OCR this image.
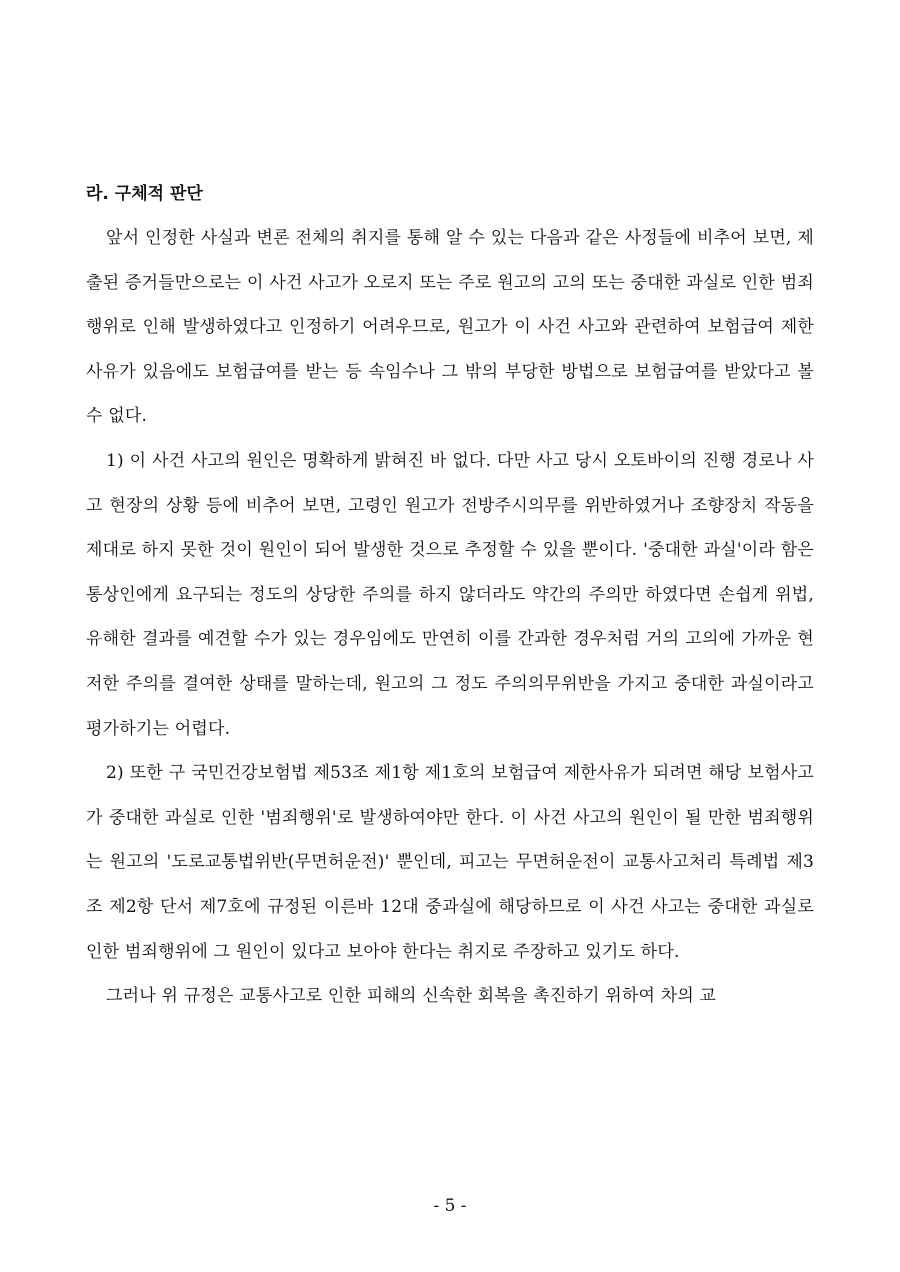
라. 구체적 판단

앞서 인정한 사실과 변론 전체의 취지를 통해 알 수 있는 다음과 같은 사정들에 비추어 보면, 제출된 증거들만으로는 이 사건 사고가 오로지 또는 주로 원고의 고의 또는 중대한 과실로 인한 범죄행위로 인해 발생하였다고 인정하기 어려우므로, 원고가 이 사건 사고와 관련하여 보험급여 제한사유가 있음에도 보험급여를 받는 등 속임수나 그 밖의 부당한 방법으로 보험급여를 받았다고 볼 수 없다.

1) 이 사건 사고의 원인은 명확하게 밝혀진 바 없다. 다만 사고 당시 오토바이의 진행 경로나 사고 현장의 상황 등에 비추어 보면, 고령인 원고가 전방주시의무를 위반하였거나 조향장치 작동을 제대로 하지 못한 것이 원인이 되어 발생한 것으로 추정할 수 있을 뿐이다. '중대한 과실'이라 함은 통상인에게 요구되는 정도의 상당한 주의를 하지 않더라도 약간의 주의만 하였다면 손쉽게 위법, 유해한 결과를 예견할 수가 있는 경우임에도 만연히 이를 간과한 경우처럼 거의 고의에 가까운 현저한 주의를 결여한 상태를 말하는데, 원고의 그 정도 주의의무위반을 가지고 중대한 과실이라고 평가하기는 어렵다.

2) 또한 구 국민건강보험법 제53조 제1항 제1호의 보험급여 제한사유가 되려면 해당 보험사고가 중대한 과실로 인한 '범죄행위'로 발생하여야만 한다. 이 사건 사고의 원인이 될 만한 범죄행위는 원고의 '도로교통법위반(무면허운전)' 뿐인데, 피고는 무면허운전이 교통사고처리 특례법 제3조 제2항 단서 제7호에 규정된 이른바 12대 중과실에 해당하므로 이 사건 사고는 중대한 과실로 인한 범죄행위에 그 원인이 있다고 보아야 한다는 취지로 주장하고 있기도 하다.

그러나 위 규정은 교통사고로 인한 피해의 신속한 회복을 촉진하기 위하여 차의 교

- 5 -
